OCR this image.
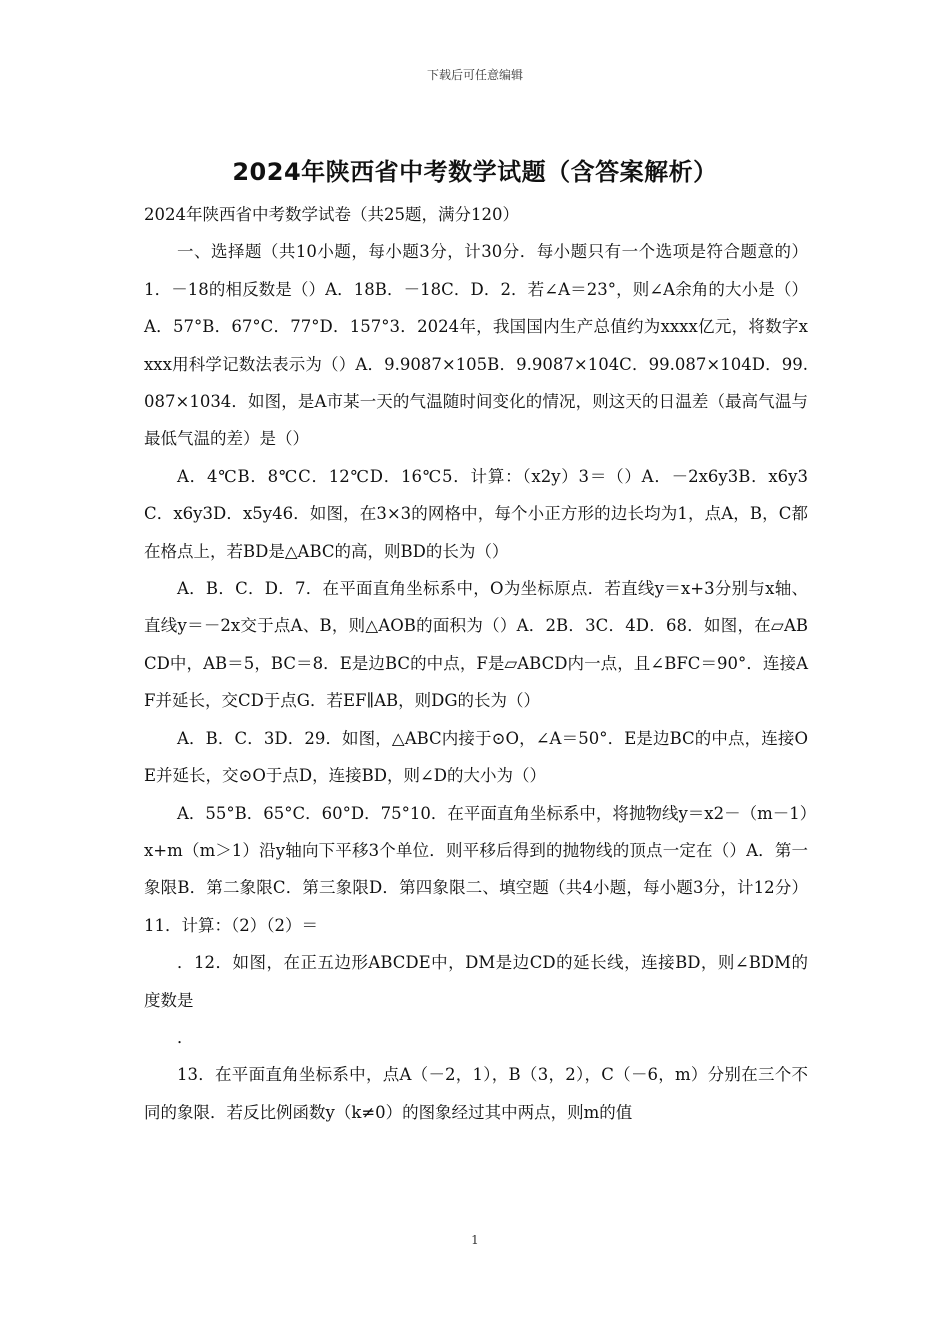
下载后可任意编辑
2024年陕西省中考数学试题（含答案解析）

2024年陕西省中考数学试卷（共25题，满分120）

一、选择题（共10小题，每小题3分，计30分．每小题只有一个选项是符合题意的）1．－18的相反数是（）A．18B．－18C．D．2．若∠A＝23°，则∠A余角的大小是（）A．57°B．67°C．77°D．157°3．2024年，我国国内生产总值约为xxxx亿元，将数字xxxx用科学记数法表示为（）A．9.9087×105B．9.9087×104C．99.087×104D．99.087×1034．如图，是A市某一天的气温随时间变化的情况，则这天的日温差（最高气温与最低气温的差）是（）

A．4℃B．8℃C．12℃D．16℃5．计算：（x2y）3＝（）A．－2x6y3B．x6y3C．x6y3D．x5y46．如图，在3×3的网格中，每个小正方形的边长均为1，点A，B，C都在格点上，若BD是△ABC的高，则BD的长为（）

A．B．C．D．7．在平面直角坐标系中，O为坐标原点．若直线y＝x+3分别与x轴、直线y＝－2x交于点A、B，则△AOB的面积为（）A．2B．3C．4D．68．如图，在▱ABCD中，AB＝5，BC＝8．E是边BC的中点，F是▱ABCD内一点，且∠BFC＝90°．连接AF并延长，交CD于点G．若EF∥AB，则DG的长为（）

A．B．C．3D．29．如图，△ABC内接于⊙O，∠A＝50°．E是边BC的中点，连接OE并延长，交⊙O于点D，连接BD，则∠D的大小为（）

A．55°B．65°C．60°D．75°10．在平面直角坐标系中，将抛物线y＝x2－（m－1）x+m（m＞1）沿y轴向下平移3个单位．则平移后得到的抛物线的顶点一定在（）A．第一象限B．第二象限C．第三象限D．第四象限二、填空题（共4小题，每小题3分，计12分）11．计算：（2）（2）＝

．12．如图，在正五边形ABCDE中，DM是边CD的延长线，连接BD，则∠BDM的度数是

．

13．在平面直角坐标系中，点A（－2，1），B（3，2），C（－6，m）分别在三个不同的象限．若反比例函数y（k≠0）的图象经过其中两点，则m的值

1
